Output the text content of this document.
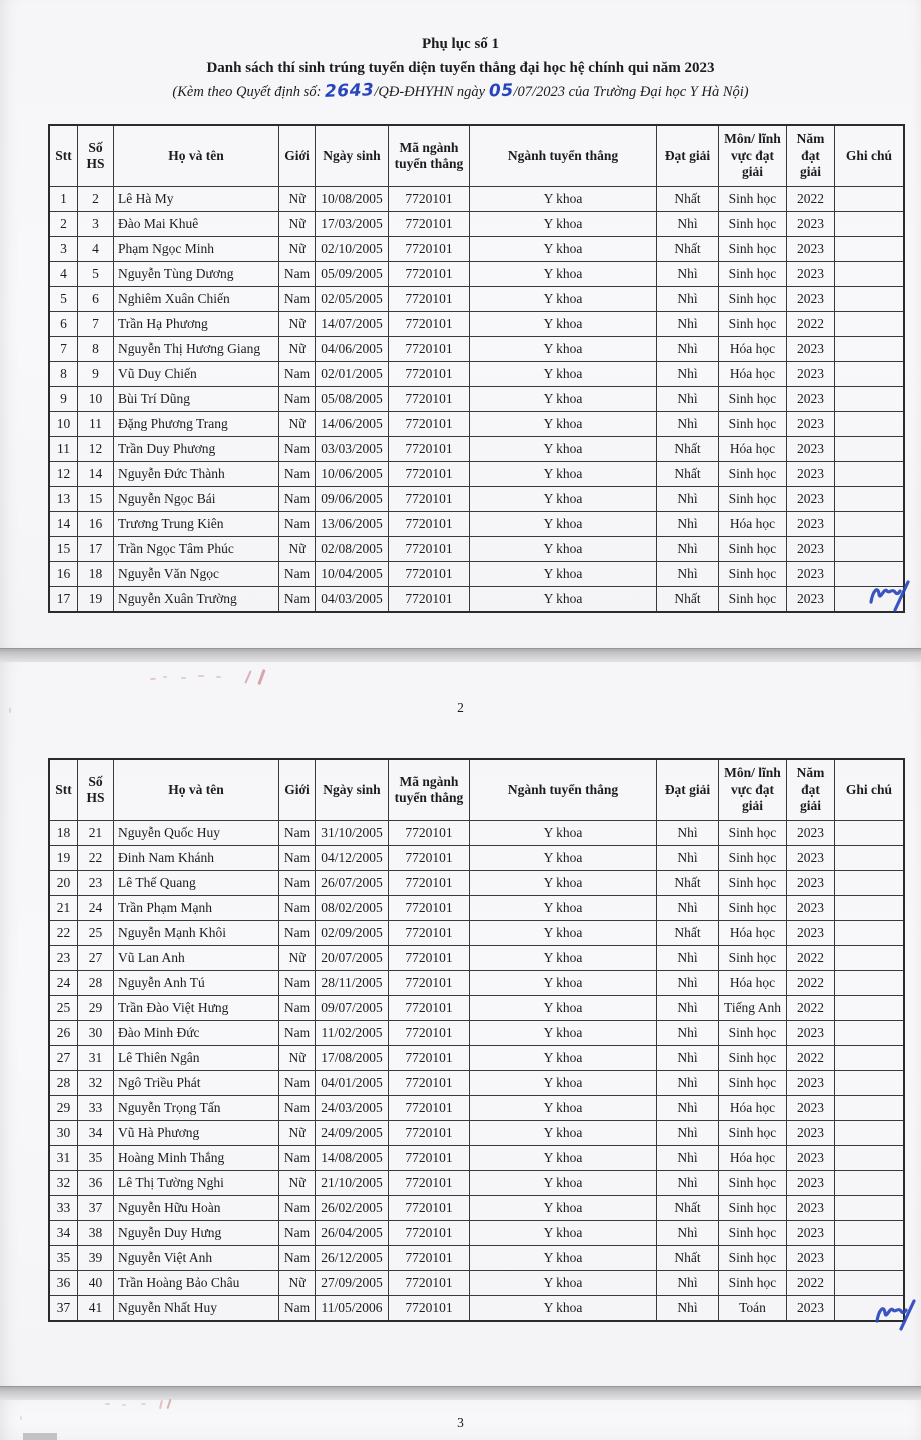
Phụ lục số 1

Danh sách thí sinh trúng tuyển diện tuyển thẳng đại học hệ chính qui năm 2023

(Kèm theo Quyết định số: 2643/QĐ-ĐHYHN ngày 05/07/2023 của Trường Đại học Y Hà Nội)

Stt	Số HS	Họ và tên	Giới	Ngày sinh	Mã ngành tuyển thẳng	Ngành tuyển thẳng	Đạt giải	Môn/ lĩnh vực đạt giải	Năm đạt giải	Ghi chú
1	2	Lê Hà My	Nữ	10/08/2005	7720101	Y khoa	Nhất	Sinh học	2022	
2	3	Đào Mai Khuê	Nữ	17/03/2005	7720101	Y khoa	Nhì	Sinh học	2023	
3	4	Phạm Ngọc Minh	Nữ	02/10/2005	7720101	Y khoa	Nhất	Sinh học	2023	
4	5	Nguyễn Tùng Dương	Nam	05/09/2005	7720101	Y khoa	Nhì	Sinh học	2023	
5	6	Nghiêm Xuân Chiến	Nam	02/05/2005	7720101	Y khoa	Nhì	Sinh học	2023	
6	7	Trần Hạ Phương	Nữ	14/07/2005	7720101	Y khoa	Nhì	Sinh học	2022	
7	8	Nguyễn Thị Hương Giang	Nữ	04/06/2005	7720101	Y khoa	Nhì	Hóa học	2023	
8	9	Vũ Duy Chiến	Nam	02/01/2005	7720101	Y khoa	Nhì	Hóa học	2023	
9	10	Bùi Trí Dũng	Nam	05/08/2005	7720101	Y khoa	Nhì	Sinh học	2023	
10	11	Đặng Phương Trang	Nữ	14/06/2005	7720101	Y khoa	Nhì	Sinh học	2023	
11	12	Trần Duy Phương	Nam	03/03/2005	7720101	Y khoa	Nhất	Hóa học	2023	
12	14	Nguyễn Đức Thành	Nam	10/06/2005	7720101	Y khoa	Nhất	Sinh học	2023	
13	15	Nguyễn Ngọc Bái	Nam	09/06/2005	7720101	Y khoa	Nhì	Sinh học	2023	
14	16	Trương Trung Kiên	Nam	13/06/2005	7720101	Y khoa	Nhì	Hóa học	2023	
15	17	Trần Ngọc Tâm Phúc	Nữ	02/08/2005	7720101	Y khoa	Nhì	Sinh học	2023	
16	18	Nguyễn Văn Ngọc	Nam	10/04/2005	7720101	Y khoa	Nhì	Sinh học	2023	
17	19	Nguyễn Xuân Trường	Nam	04/03/2005	7720101	Y khoa	Nhất	Sinh học	2023	
2
Stt	Số HS	Họ và tên	Giới	Ngày sinh	Mã ngành tuyển thẳng	Ngành tuyển thẳng	Đạt giải	Môn/ lĩnh vực đạt giải	Năm đạt giải	Ghi chú
18	21	Nguyễn Quốc Huy	Nam	31/10/2005	7720101	Y khoa	Nhì	Sinh học	2023	
19	22	Đinh Nam Khánh	Nam	04/12/2005	7720101	Y khoa	Nhì	Sinh học	2023	
20	23	Lê Thế Quang	Nam	26/07/2005	7720101	Y khoa	Nhất	Sinh học	2023	
21	24	Trần Phạm Mạnh	Nam	08/02/2005	7720101	Y khoa	Nhì	Sinh học	2023	
22	25	Nguyễn Mạnh Khôi	Nam	02/09/2005	7720101	Y khoa	Nhất	Hóa học	2023	
23	27	Vũ Lan Anh	Nữ	20/07/2005	7720101	Y khoa	Nhì	Sinh học	2022	
24	28	Nguyễn Anh Tú	Nam	28/11/2005	7720101	Y khoa	Nhì	Hóa học	2022	
25	29	Trần Đào Việt Hưng	Nam	09/07/2005	7720101	Y khoa	Nhì	Tiếng Anh	2022	
26	30	Đào Minh Đức	Nam	11/02/2005	7720101	Y khoa	Nhì	Sinh học	2023	
27	31	Lê Thiên Ngân	Nữ	17/08/2005	7720101	Y khoa	Nhì	Sinh học	2022	
28	32	Ngô Triều Phát	Nam	04/01/2005	7720101	Y khoa	Nhì	Sinh học	2023	
29	33	Nguyễn Trọng Tấn	Nam	24/03/2005	7720101	Y khoa	Nhì	Hóa học	2023	
30	34	Vũ Hà Phương	Nữ	24/09/2005	7720101	Y khoa	Nhì	Sinh học	2023	
31	35	Hoàng Minh Thắng	Nam	14/08/2005	7720101	Y khoa	Nhì	Hóa học	2023	
32	36	Lê Thị Tường Nghi	Nữ	21/10/2005	7720101	Y khoa	Nhì	Sinh học	2023	
33	37	Nguyễn Hữu Hoàn	Nam	26/02/2005	7720101	Y khoa	Nhất	Sinh học	2023	
34	38	Nguyễn Duy Hưng	Nam	26/04/2005	7720101	Y khoa	Nhì	Sinh học	2023	
35	39	Nguyễn Việt Anh	Nam	26/12/2005	7720101	Y khoa	Nhất	Sinh học	2023	
36	40	Trần Hoàng Bảo Châu	Nữ	27/09/2005	7720101	Y khoa	Nhì	Sinh học	2022	
37	41	Nguyễn Nhất Huy	Nam	11/05/2006	7720101	Y khoa	Nhì	Toán	2023	
3
